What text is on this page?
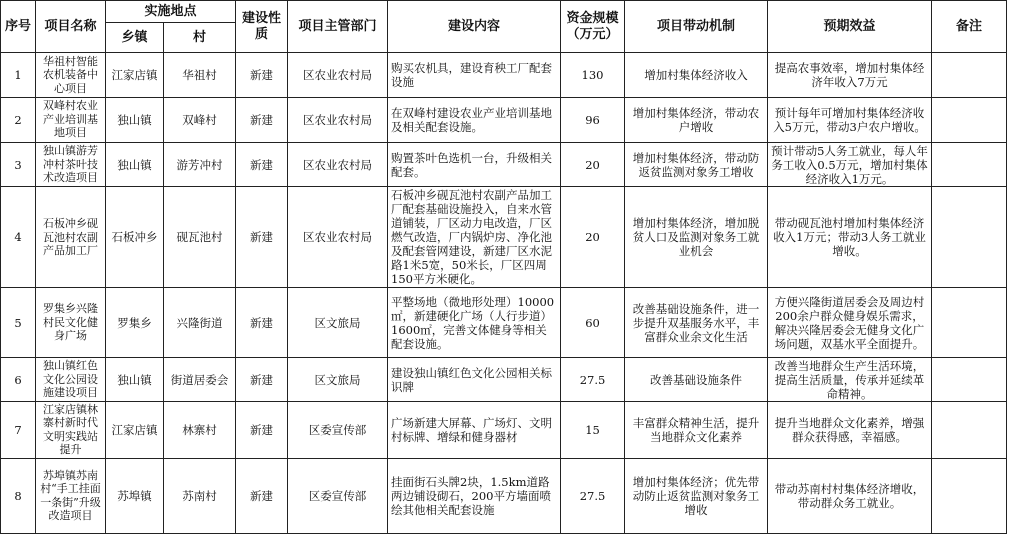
序号	项目名称	实施地点		建设性质	项目主管部门	建设内容	资金规模（万元）	项目带动机制	预期效益	备注
		乡镇	村							
1	华祖村智能农机装备中心项目	江家店镇	华祖村	新建	区农业农村局	购买农机具，建设育秧工厂配套设施	130	增加村集体经济收入	提高农事效率，增加村集体经济年收入7万元	
2	双峰村农业产业培训基地项目	独山镇	双峰村	新建	区农业农村局	在双峰村建设农业产业培训基地及相关配套设施。	96	增加村集体经济，带动农户增收	预计每年可增加村集体经济收入5万元，带动3户农户增收。	
3	独山镇游芳冲村茶叶技术改造项目	独山镇	游芳冲村	新建	区农业农村局	购置茶叶色选机一台，升级相关配套。	20	增加村集体经济，带动防返贫监测对象务工增收	预计带动5人务工就业，每人年务工收入0.5万元，增加村集体经济收入1万元。	
4	石板冲乡砚瓦池村农副产品加工厂	石板冲乡	砚瓦池村	新建	区农业农村局	石板冲乡砚瓦池村农副产品加工厂配套基础设施投入，自来水管道铺装，厂区动力电改造，厂区燃气改造，厂内锅炉房、净化池及配套管网建设，新建厂区水泥路1米5宽，50米长，厂区四周150平方米硬化。	20	增加村集体经济，增加脱贫人口及监测对象务工就业机会	带动砚瓦池村增加村集体经济收入1万元；带动3人务工就业增收。	
5	罗集乡兴隆村民文化健身广场	罗集乡	兴隆街道	新建	区文旅局	平整场地（微地形处理）10000㎡，新建硬化广场（人行步道）1600㎡，完善文体健身等相关配套设施。	60	改善基础设施条件，进一步提升双基服务水平，丰富群众业余文化生活	方便兴隆街道居委会及周边村200余户群众健身娱乐需求，解决兴隆居委会无健身文化广场问题，双基水平全面提升。	
6	独山镇红色文化公园设施建设项目	独山镇	街道居委会	新建	区文旅局	建设独山镇红色文化公园相关标识牌	27.5	改善基础设施条件	改善当地群众生产生活环境，提高生活质量，传承并延续革命精神。	
7	江家店镇林寨村新时代文明实践站提升	江家店镇	林寨村	新建	区委宣传部	广场新建大屏幕、广场灯、文明村标牌、增绿和健身器材	15	丰富群众精神生活，提升当地群众文化素养	提升当地群众文化素养，增强群众获得感，幸福感。	
8	苏埠镇苏南村“手工挂面一条街”升级改造项目	苏埠镇	苏南村	新建	区委宣传部	挂面街石头牌2块，1.5km道路两边铺设砌石，200平方墙面喷绘其他相关配套设施	27.5	增加村集体经济；优先带动防止返贫监测对象务工增收	带动苏南村村集体经济增收，带动群众务工就业。	
